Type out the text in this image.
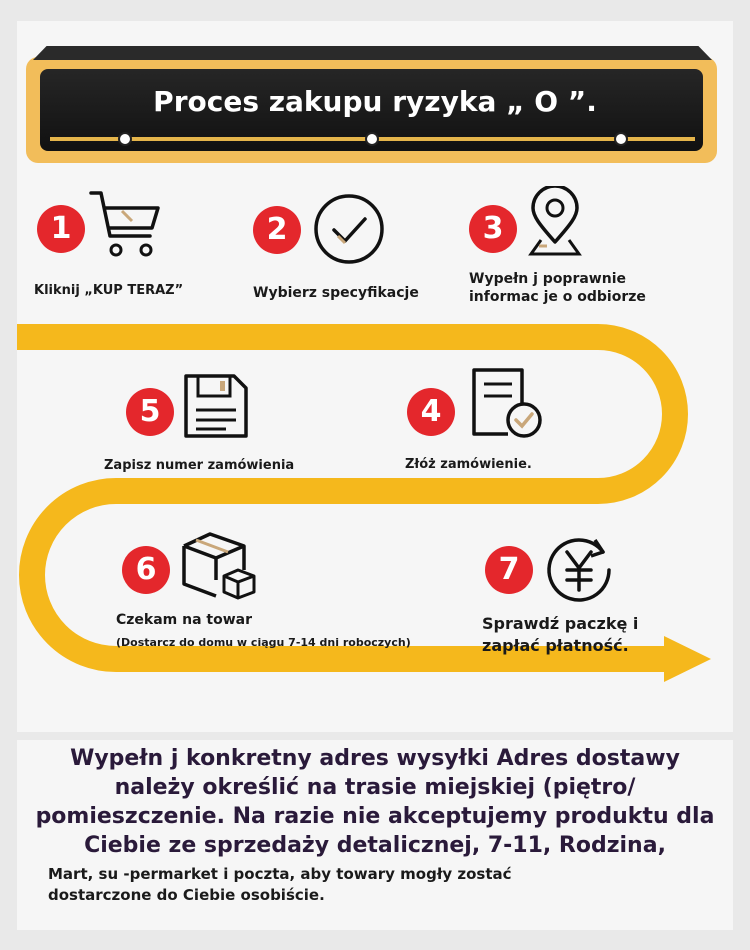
Proces zakupu ryzyka „ O ”.
1
Kliknij „KUP TERAZ”
2
Wybierz specyfikacje
3
Wypełn j poprawnie
informac je o odbiorze
5
Zapisz numer zamówienia
4
Złóż zamówienie.
6
Czekam na towar
(Dostarcz do domu w ciągu 7-14 dni roboczych)
7
Sprawdź paczkę i
zapłać płatność.
Wypełn j konkretny adres wysyłki Adres dostawy
należy określić na trasie miejskiej (piętro/
pomieszczenie. Na razie nie akceptujemy produktu dla
Ciebie ze sprzedaży detalicznej, 7-11, Rodzina,
Mart, su -permarket i poczta, aby towary mogły zostać
dostarczone do Ciebie osobiście.
